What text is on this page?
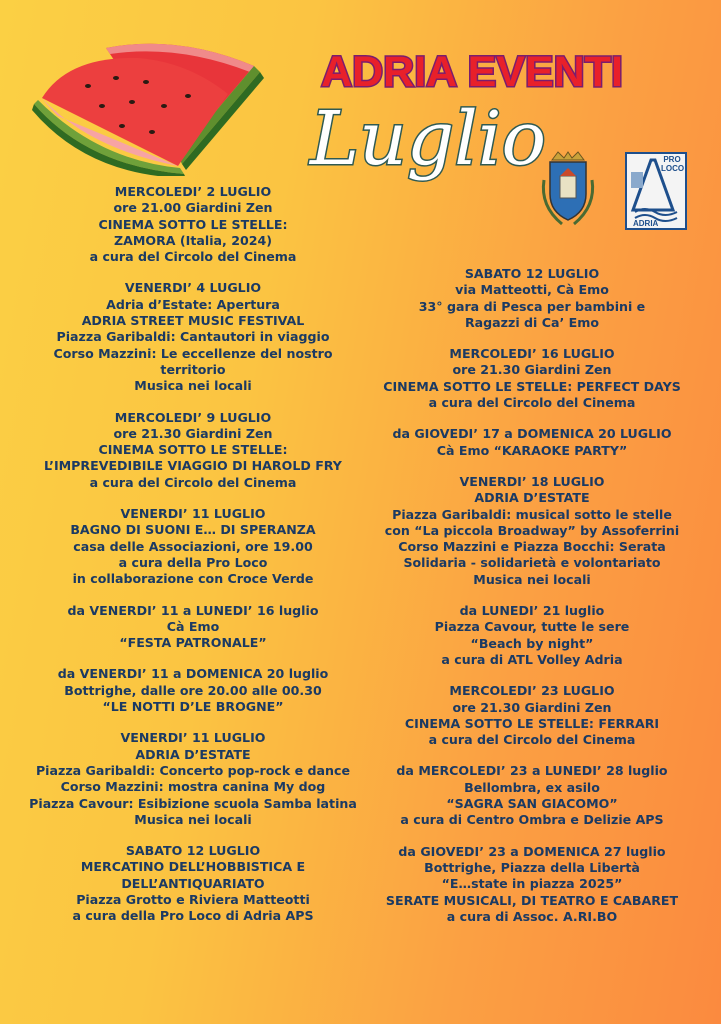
ADRIA EVENTI
Luglio	PRO LOCO
ADRIA
MERCOLEDI’ 2 LUGLIO
ore 21.00 Giardini Zen
CINEMA SOTTO LE STELLE:
ZAMORA (Italia, 2024)
a cura del Circolo del Cinema
VENERDI’ 4 LUGLIO
Adria d’Estate: Apertura
ADRIA STREET MUSIC FESTIVAL
Piazza Garibaldi: Cantautori in viaggio
Corso Mazzini: Le eccellenze del nostro
territorio
Musica nei locali
MERCOLEDI’ 9 LUGLIO
ore 21.30 Giardini Zen
CINEMA SOTTO LE STELLE:
L’IMPREVEDIBILE VIAGGIO DI HAROLD FRY
a cura del Circolo del Cinema
VENERDI’ 11 LUGLIO
BAGNO DI SUONI E… DI SPERANZA
casa delle Associazioni, ore 19.00
a cura della Pro Loco
in collaborazione con Croce Verde
da VENERDI’ 11 a LUNEDI’ 16 luglio
Cà Emo
“FESTA PATRONALE”
da VENERDI’ 11 a DOMENICA 20 luglio
Bottrighe, dalle ore 20.00 alle 00.30
“LE NOTTI D’LE BROGNE”
VENERDI’ 11 LUGLIO
ADRIA D’ESTATE
Piazza Garibaldi: Concerto pop-rock e dance
Corso Mazzini: mostra canina My dog
Piazza Cavour: Esibizione scuola Samba latina
Musica nei locali
SABATO 12 LUGLIO
MERCATINO DELL’HOBBISTICA E
DELL’ANTIQUARIATO
Piazza Grotto e Riviera Matteotti
a cura della Pro Loco di Adria APS
SABATO 12 LUGLIO
via Matteotti, Cà Emo
33° gara di Pesca per bambini e
Ragazzi di Ca’ Emo
MERCOLEDI’ 16 LUGLIO
ore 21.30 Giardini Zen
CINEMA SOTTO LE STELLE: PERFECT DAYS
a cura del Circolo del Cinema
da GIOVEDI’ 17 a DOMENICA 20 LUGLIO
Cà Emo “KARAOKE PARTY”
VENERDI’ 18 LUGLIO
ADRIA D’ESTATE
Piazza Garibaldi: musical sotto le stelle
con “La piccola Broadway” by Assoferrini
Corso Mazzini e Piazza Bocchi: Serata
Solidaria - solidarietà e volontariato
Musica nei locali
da LUNEDI’ 21 luglio
Piazza Cavour, tutte le sere
“Beach by night”
a cura di ATL Volley Adria
MERCOLEDI’ 23 LUGLIO
ore 21.30 Giardini Zen
CINEMA SOTTO LE STELLE: FERRARI
a cura del Circolo del Cinema
da MERCOLEDI’ 23 a LUNEDI’ 28 luglio
Bellombra, ex asilo
“SAGRA SAN GIACOMO”
a cura di Centro Ombra e Delizie APS
da GIOVEDI’ 23 a DOMENICA 27 luglio
Bottrighe, Piazza della Libertà
“E…state in piazza 2025”
SERATE MUSICALI, DI TEATRO E CABARET
a cura di Assoc. A.RI.BO
